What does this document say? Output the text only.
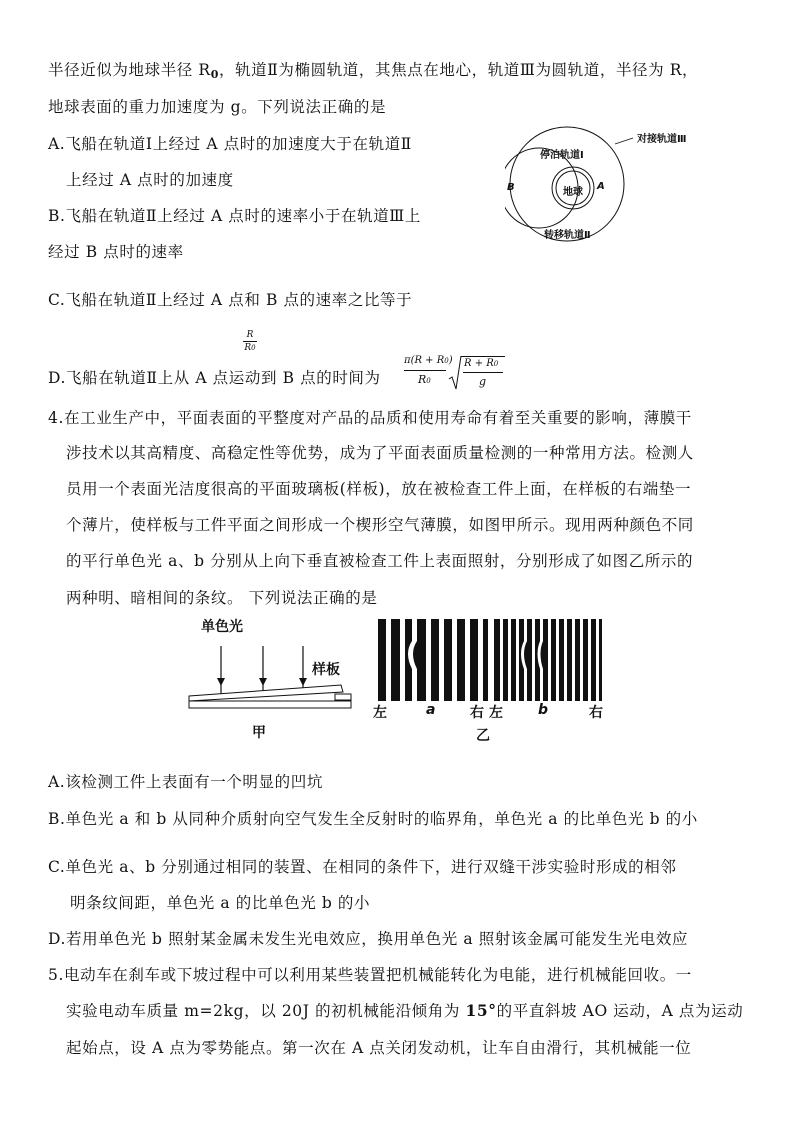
半径近似为地球半径 $R_0$，轨道Ⅱ为椭圆轨道，其焦点在地心，轨道Ⅲ为圆轨道，半径为 R，
地球表面的重力加速度为 g。下列说法正确的是
A.飞船在轨道Ⅰ上经过 A 点时的加速度大于在轨道Ⅱ
上经过 A 点时的加速度
B.飞船在轨道Ⅱ上经过 A 点时的速率小于在轨道Ⅲ上
经过 B 点时的速率
C.飞船在轨道Ⅱ上经过 A 点和 B 点的速率之比等于
R
R0
D.飞船在轨道Ⅱ上从 A 点运动到 B 点的时间为
π(R + R0)
R0
R + R0
g
对接轨道Ⅲ
停泊轨道Ⅰ
地球
转移轨道Ⅱ
A
B
4.在工业生产中，平面表面的平整度对产品的品质和使用寿命有着至关重要的影响，薄膜干
涉技术以其高精度、高稳定性等优势，成为了平面表面质量检测的一种常用方法。检测人
员用一个表面光洁度很高的平面玻璃板(样板)，放在被检查工件上面，在样板的右端垫一
个薄片，使样板与工件平面之间形成一个楔形空气薄膜，如图甲所示。现用两种颜色不同
的平行单色光 a、b 分别从上向下垂直被检查工件上表面照射，分别形成了如图乙所示的
两种明、暗相间的条纹。 下列说法正确的是
单色光
样板
甲
左	a 右 左	b	右
乙
A.该检测工件上表面有一个明显的凹坑
B.单色光 a 和 b 从同种介质射向空气发生全反射时的临界角，单色光 a 的比单色光 b 的小
C.单色光 a、b 分别通过相同的装置、在相同的条件下，进行双缝干涉实验时形成的相邻
明条纹间距，单色光 a 的比单色光 b 的小
D.若用单色光 b 照射某金属未发生光电效应，换用单色光 a 照射该金属可能发生光电效应
5.电动车在刹车或下坡过程中可以利用某些装置把机械能转化为电能，进行机械能回收。一
实验电动车质量 m=2kg，以 20J 的初机械能沿倾角为 15°的平直斜坡 AO 运动，A 点为运动
起始点，设 A 点为零势能点。第一次在 A 点关闭发动机，让车自由滑行，其机械能一位
